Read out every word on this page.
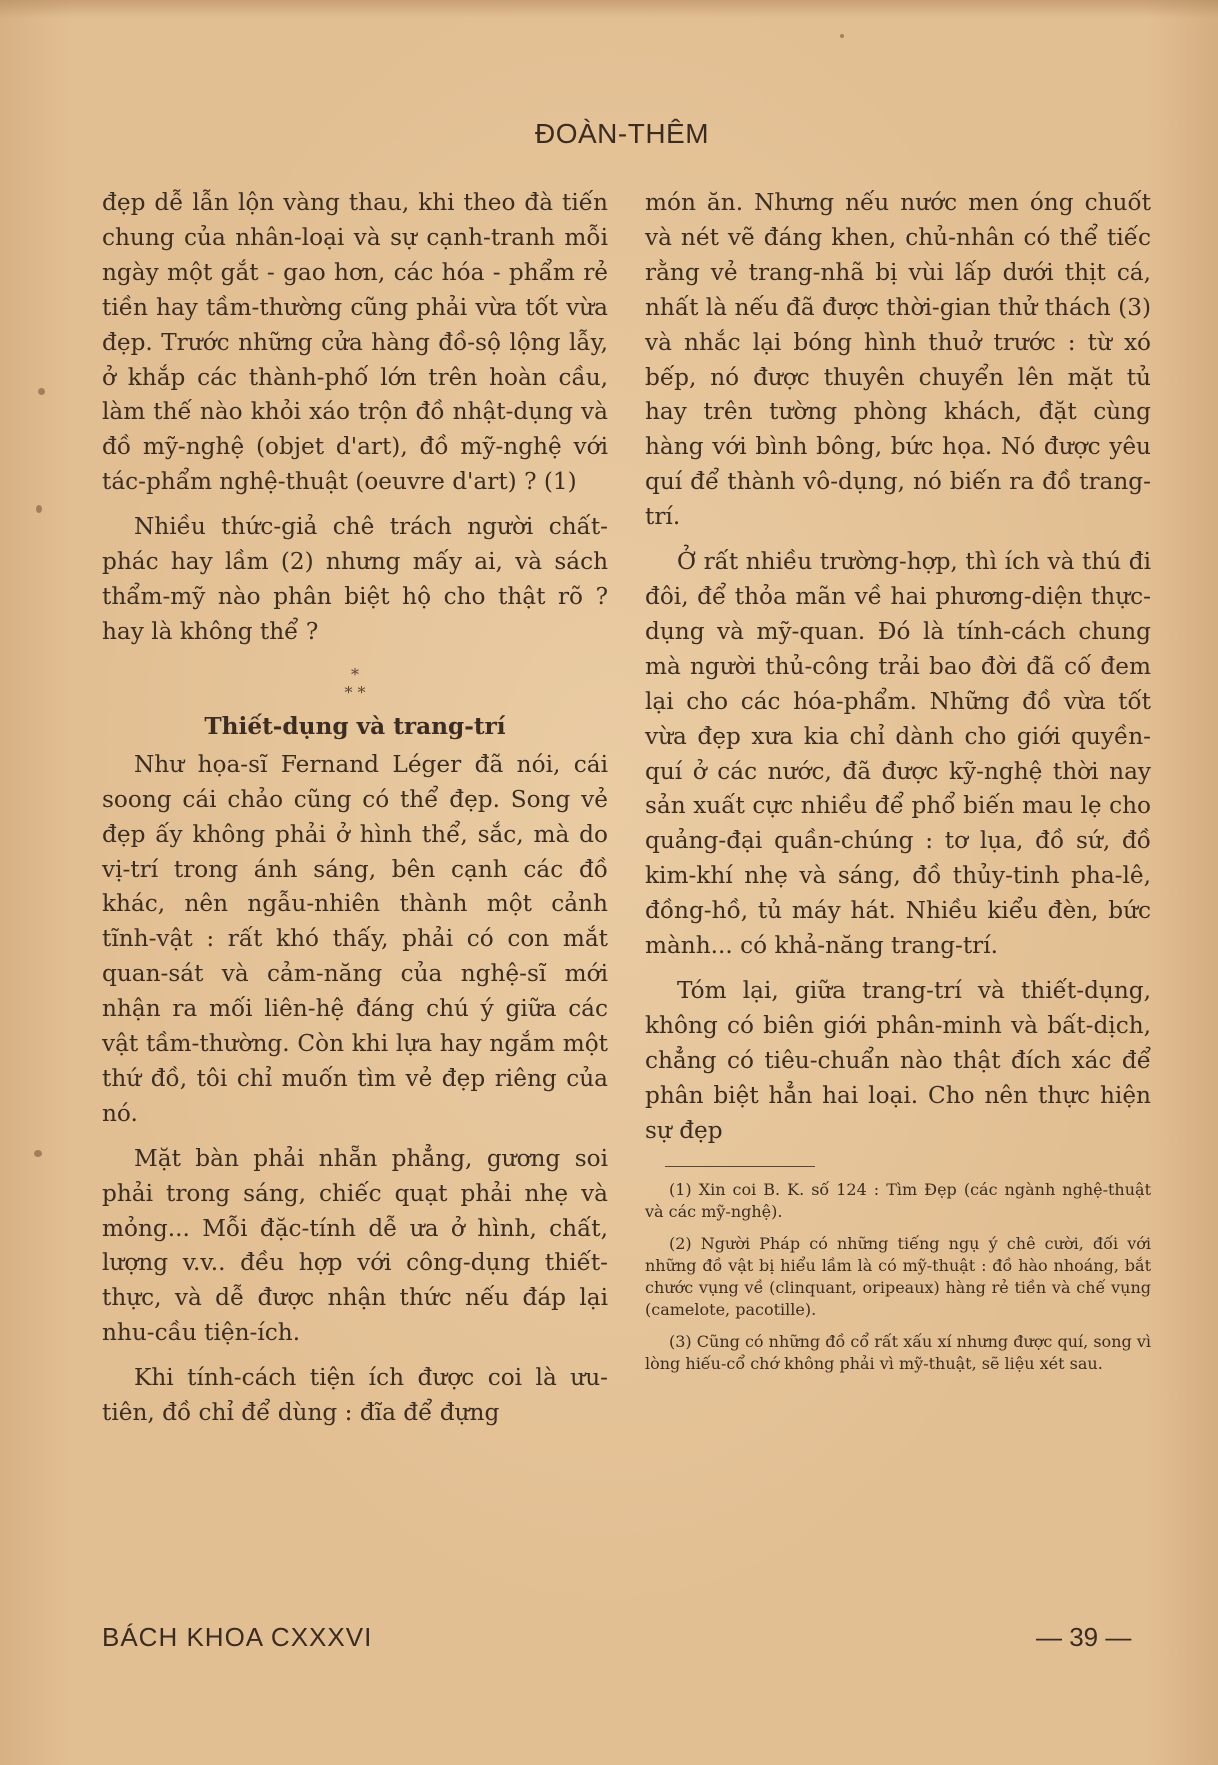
ĐOÀN-THÊM

đẹp dễ lẫn lộn vàng thau, khi theo đà tiến chung của nhân-loại và sự cạnh-tranh mỗi ngày một gắt - gao hơn, các hóa - phẩm rẻ tiền hay tầm-thường cũng phải vừa tốt vừa đẹp. Trước những cửa hàng đồ-sộ lộng lẫy, ở khắp các thành-phố lớn trên hoàn cầu, làm thế nào khỏi xáo trộn đồ nhật-dụng và đồ mỹ-nghệ (objet d'art), đồ mỹ-nghệ với tác-phẩm nghệ-thuật (oeuvre d'art) ? (1)

Nhiều thức-giả chê trách người chất-phác hay lầm (2) nhưng mấy ai, và sách thẩm-mỹ nào phân biệt hộ cho thật rõ ? hay là không thể ?

*
* *
Thiết-dụng và trang-trí

Như họa-sĩ Fernand Léger đã nói, cái soong cái chảo cũng có thể đẹp. Song vẻ đẹp ấy không phải ở hình thể, sắc, mà do vị-trí trong ánh sáng, bên cạnh các đồ khác, nên ngẫu-nhiên thành một cảnh tĩnh-vật : rất khó thấy, phải có con mắt quan-sát và cảm-năng của nghệ-sĩ mới nhận ra mối liên-hệ đáng chú ý giữa các vật tầm-thường. Còn khi lựa hay ngắm một thứ đồ, tôi chỉ muốn tìm vẻ đẹp riêng của nó.

Mặt bàn phải nhẵn phẳng, gương soi phải trong sáng, chiếc quạt phải nhẹ và mỏng... Mỗi đặc-tính dễ ưa ở hình, chất, lượng v.v.. đều hợp với công-dụng thiết-thực, và dễ được nhận thức nếu đáp lại nhu-cầu tiện-ích.

Khi tính-cách tiện ích được coi là ưu-tiên, đồ chỉ để dùng : đĩa để đựng

món ăn. Nhưng nếu nước men óng chuốt và nét vẽ đáng khen, chủ-nhân có thể tiếc rằng vẻ trang-nhã bị vùi lấp dưới thịt cá, nhất là nếu đã được thời-gian thử thách (3) và nhắc lại bóng hình thuở trước : từ xó bếp, nó được thuyên chuyển lên mặt tủ hay trên tường phòng khách, đặt cùng hàng với bình bông, bức họa. Nó được yêu quí để thành vô-dụng, nó biến ra đồ trang-trí.

Ở rất nhiều trường-hợp, thì ích và thú đi đôi, để thỏa mãn về hai phương-diện thực-dụng và mỹ-quan. Đó là tính-cách chung mà người thủ-công trải bao đời đã cố đem lại cho các hóa-phẩm. Những đồ vừa tốt vừa đẹp xưa kia chỉ dành cho giới quyền-quí ở các nước, đã được kỹ-nghệ thời nay sản xuất cực nhiều để phổ biến mau lẹ cho quảng-đại quần-chúng : tơ lụa, đồ sứ, đồ kim-khí nhẹ và sáng, đồ thủy-tinh pha-lê, đồng-hồ, tủ máy hát. Nhiều kiểu đèn, bức mành... có khả-năng trang-trí.

Tóm lại, giữa trang-trí và thiết-dụng, không có biên giới phân-minh và bất-dịch, chẳng có tiêu-chuẩn nào thật đích xác để phân biệt hẳn hai loại. Cho nên thực hiện sự đẹp

(1) Xin coi B. K. số 124 : Tìm Đẹp (các ngành nghệ-thuật và các mỹ-nghệ).

(2) Người Pháp có những tiếng ngụ ý chê cười, đối với những đồ vật bị hiểu lầm là có mỹ-thuật : đồ hào nhoáng, bắt chước vụng về (clinquant, oripeaux) hàng rẻ tiền và chế vụng (camelote, pacotille).

(3) Cũng có những đồ cổ rất xấu xí nhưng được quí, song vì lòng hiếu-cổ chớ không phải vì mỹ-thuật, sẽ liệu xét sau.

BÁCH KHOA CXXXVI	— 39 —
